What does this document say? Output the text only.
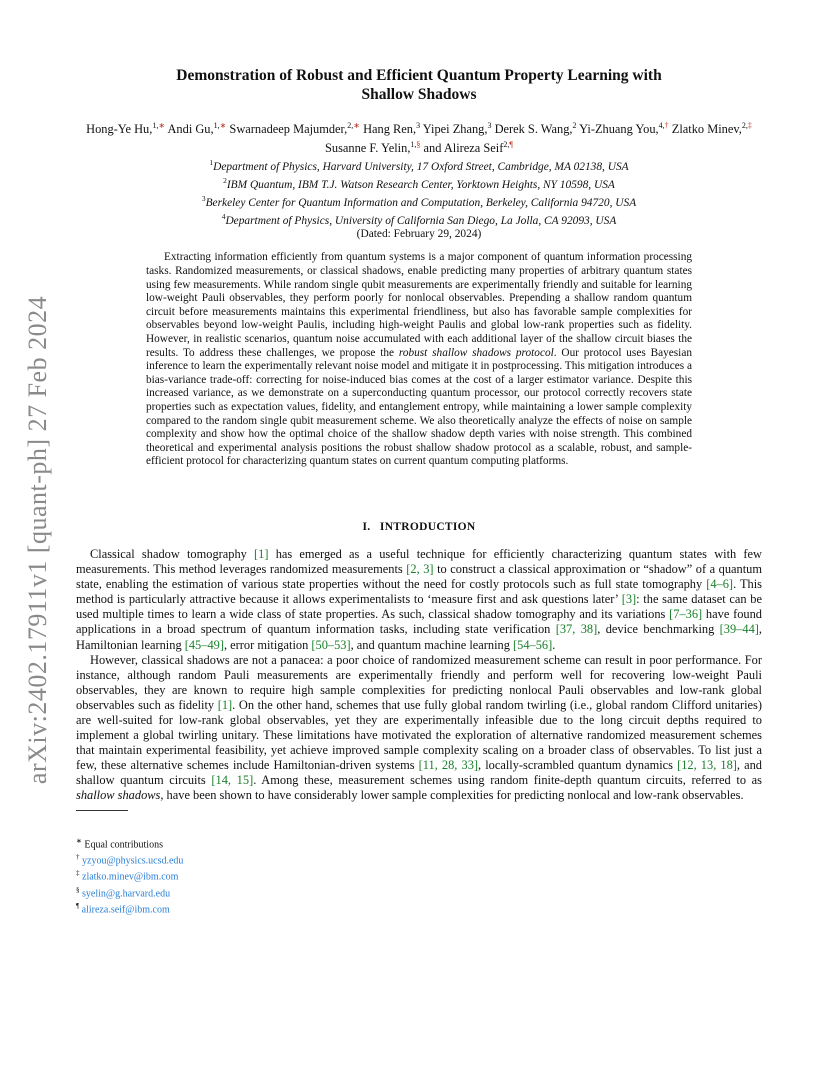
arXiv:2402.17911v1 [quant-ph] 27 Feb 2024
Demonstration of Robust and Efficient Quantum Property Learning with
Shallow Shadows
Hong-Ye Hu,$^{1,∗}$ Andi Gu,$^{1,∗}$ Swarnadeep Majumder,$^{2,∗}$ Hang Ren,$^3$ Yipei Zhang,$^3$ Derek S. Wang,$^2$ Yi-Zhuang You,$^{4,\dagger}$ Zlatko Minev,$^{2,\ddagger}$ Susanne F. Yelin,$^{1,\S}$ and Alireza Seif$^{2,\P}$
$^1$Department of Physics, Harvard University, 17 Oxford Street, Cambridge, MA 02138, USA
$^2$IBM Quantum, IBM T.J. Watson Research Center, Yorktown Heights, NY 10598, USA
$^3$Berkeley Center for Quantum Information and Computation, Berkeley, California 94720, USA
$^4$Department of Physics, University of California San Diego, La Jolla, CA 92093, USA
(Dated: February 29, 2024)

Extracting information efficiently from quantum systems is a major component of quantum information processing tasks. Randomized measurements, or classical shadows, enable predicting many properties of arbitrary quantum states using few measurements. While random single qubit measurements are experimentally friendly and suitable for learning low-weight Pauli observables, they perform poorly for nonlocal observables. Prepending a shallow random quantum circuit before measurements maintains this experimental friendliness, but also has favorable sample complexities for observables beyond low-weight Paulis, including high-weight Paulis and global low-rank properties such as fidelity. However, in realistic scenarios, quantum noise accumulated with each additional layer of the shallow circuit biases the results. To address these challenges, we propose the robust shallow shadows protocol. Our protocol uses Bayesian inference to learn the experimentally relevant noise model and mitigate it in postprocessing. This mitigation introduces a bias-variance trade-off: correcting for noise-induced bias comes at the cost of a larger estimator variance. Despite this increased variance, as we demonstrate on a superconducting quantum processor, our protocol correctly recovers state properties such as expectation values, fidelity, and entanglement entropy, while maintaining a lower sample complexity compared to the random single qubit measurement scheme. We also theoretically analyze the effects of noise on sample complexity and show how the optimal choice of the shallow shadow depth varies with noise strength. This combined theoretical and experimental analysis positions the robust shallow shadow protocol as a scalable, robust, and sample-efficient protocol for characterizing quantum states on current quantum computing platforms.

I. INTRODUCTION

Classical shadow tomography [1] has emerged as a useful technique for efficiently characterizing quantum states with few measurements. This method leverages randomized measurements [2, 3] to construct a classical approximation or “shadow” of a quantum state, enabling the estimation of various state properties without the need for costly protocols such as full state tomography [4–6]. This method is particularly attractive because it allows experimentalists to ‘measure first and ask questions later’ [3]: the same dataset can be used multiple times to learn a wide class of state properties. As such, classical shadow tomography and its variations [7–36] have found applications in a broad spectrum of quantum information tasks, including state verification [37, 38], device benchmarking [39–44], Hamiltonian learning [45–49], error mitigation [50–53], and quantum machine learning [54–56].

However, classical shadows are not a panacea: a poor choice of randomized measurement scheme can result in poor performance. For instance, although random Pauli measurements are experimentally friendly and perform well for recovering low-weight Pauli observables, they are known to require high sample complexities for predicting nonlocal Pauli observables and low-rank global observables such as fidelity [1]. On the other hand, schemes that use fully global random twirling (i.e., global random Clifford unitaries) are well-suited for low-rank global observables, yet they are experimentally infeasible due to the long circuit depths required to implement a global twirling unitary. These limitations have motivated the exploration of alternative randomized measurement schemes that maintain experimental feasibility, yet achieve improved sample complexity scaling on a broader class of observables. To list just a few, these alternative schemes include Hamiltonian-driven systems [11, 28, 33], locally-scrambled quantum dynamics [12, 13, 18], and shallow quantum circuits [14, 15]. Among these, measurement schemes using random finite-depth quantum circuits, referred to as shallow shadows, have been shown to have considerably lower sample complexities for predicting nonlocal and low-rank observables.

∗ Equal contributions
† yzyou@physics.ucsd.edu
‡ zlatko.minev@ibm.com
§ syelin@g.harvard.edu
¶ alireza.seif@ibm.com
